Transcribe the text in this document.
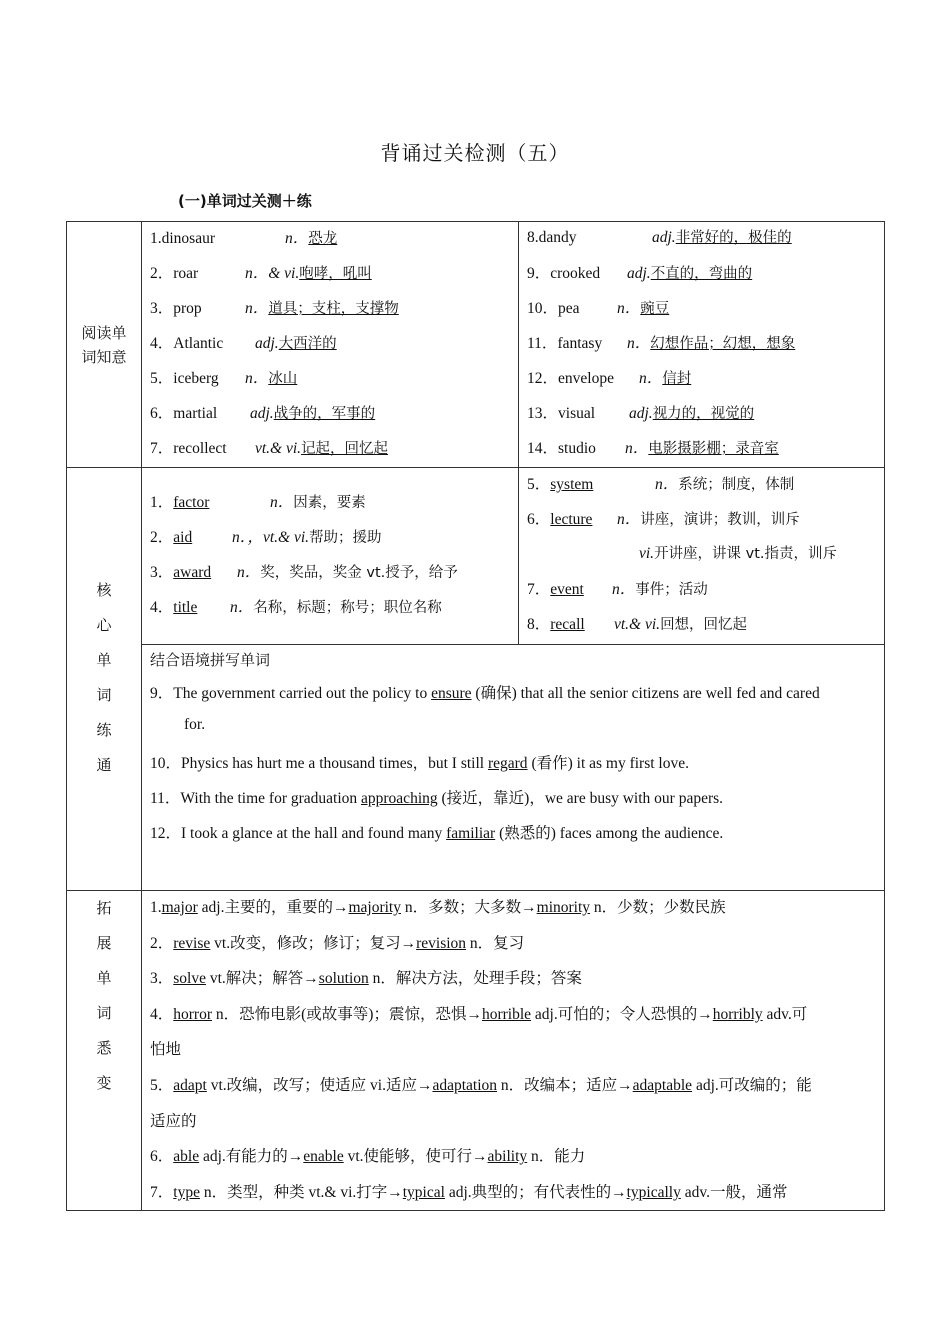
背诵过关检测（五）
(一)单词过关测＋练
阅读单词知意
1.dinosaur	n．恐龙
2．roar	n．& vi.咆哮，吼叫
3．prop	n．道具；支柱，支撑物
4．Atlantic adj.大西洋的
5．iceberg n．冰山
6．martial adj.战争的，军事的
7．recollect vt.& vi.记起，回忆起
8.dandy	adj.非常好的，极佳的
9．crooked adj.不直的，弯曲的
10．pea n．豌豆
11．fantasy n．幻想作品；幻想，想象
12．envelope n．信封
13．visual adj.视力的，视觉的
14．studio n．电影摄影棚；录音室
核
心
单
词
练
通
1．factor	n．因素，要素
2．aid	n．，vt.& vi.帮助；援助
3．award n．奖，奖品，奖金 vt.授予，给予
4．title n．名称，标题；称号；职位名称
5．system	n．系统；制度，体制
6．lecture n．讲座，演讲；教训，训斥
vi.开讲座，讲课 vt.指责，训斥
7．event n．事件；活动
8．recall vt.& vi.回想，回忆起
结合语境拼写单词
9．The government carried out the policy to ensure (确保) that all the senior citizens are well fed and cared
for.
10．Physics has hurt me a thousand times，but I still regard (看作) it as my first love.
11．With the time for graduation approaching (接近，靠近)，we are busy with our papers.
12．I took a glance at the hall and found many familiar (熟悉的) faces among the audience.
拓
展
单
词
悉
变
1.major adj.主要的，重要的→majority n．多数；大多数→minority n．少数；少数民族
2．revise vt.改变，修改；修订；复习→revision n．复习
3．solve vt.解决；解答→solution n．解决方法，处理手段；答案
4．horror n．恐怖电影(或故事等)；震惊，恐惧→horrible adj.可怕的；令人恐惧的→horribly adv.可
怕地
5．adapt vt.改编，改写；使适应 vi.适应→adaptation n．改编本；适应→adaptable adj.可改编的；能
适应的
6．able adj.有能力的→enable vt.使能够，使可行→ability n．能力
7．type n．类型，种类 vt.& vi.打字→typical adj.典型的；有代表性的→typically adv.一般，通常
